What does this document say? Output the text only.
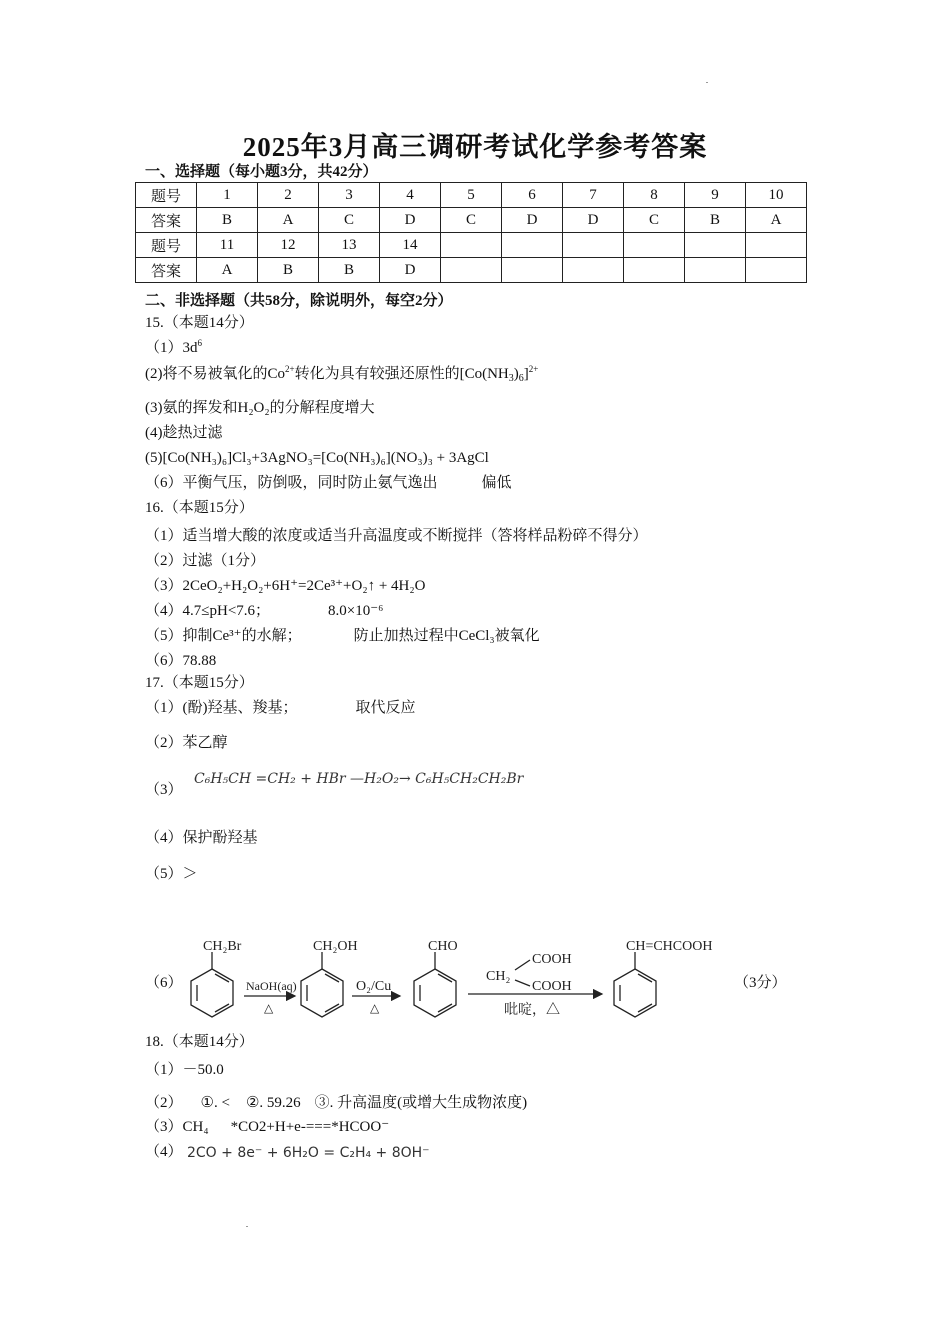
2025年3月高三调研考试化学参考答案
一、选择题（每小题3分，共42分）
题号	1	2	3	4	5	6	7	8	9	10
答案	B	A	C	D	C	D	D	C	B	A
题号	11	12	13	14						
答案	A	B	B	D						
二、非选择题（共58分，除说明外，每空2分）
15.（本题14分）
$(1)3d^6$
(2)将不易被氧化的$Co^{2+}$转化为具有较强还原性的$[Co(NH_3)_6]^{2+}$
(3)氨的挥发和H₂O₂的分解程度增大
(4)趁热过滤
(5)[Co(NH₃)₆]Cl₃+3AgNO₃=[Co(NH₃)₆](NO₃)₃ + 3AgCl
（6）平衡气压，防倒吸，同时防止氨气逸出	偏低
16.（本题15分）
（1）适当增大酸的浓度或适当升高温度或不断搅拌（答将样品粉碎不得分）
（2）过滤（1分）
（3）2CeO₂+H₂O₂+6H⁺=2Ce³⁺+O₂↑ + 4H₂O
（4）4.7≤pH<7.6；	8.0×10⁻⁶
（5）抑制Ce³⁺的水解；	防止加热过程中CeCl₃被氧化
（6）78.88
17.（本题15分）
（1）(酚)羟基、羧基；	取代反应
（2）苯乙醇
（3）
C₆H₅CH =CH₂ + HBr —H₂O₂→ C₆H₅CH₂CH₂Br
（4）保护酚羟基
（5）＞
（6）	（3分）
CH₂Br
NaOH(aq)
△
CH₂OH
O₂/Cu
△
CHO
COOH
CH₂
COOH
吡啶，△
CH=CHCOOH
18.（本题14分）
（1）－50.0
（2） ①. < ②. 59.26 ③. 升高温度(或增大生成物浓度)
（3）CH₄ *CO2+H+e-===*HCOO⁻
（4） 2CO + 8e⁻ + 6H₂O = C₂H₄ + 8OH⁻
